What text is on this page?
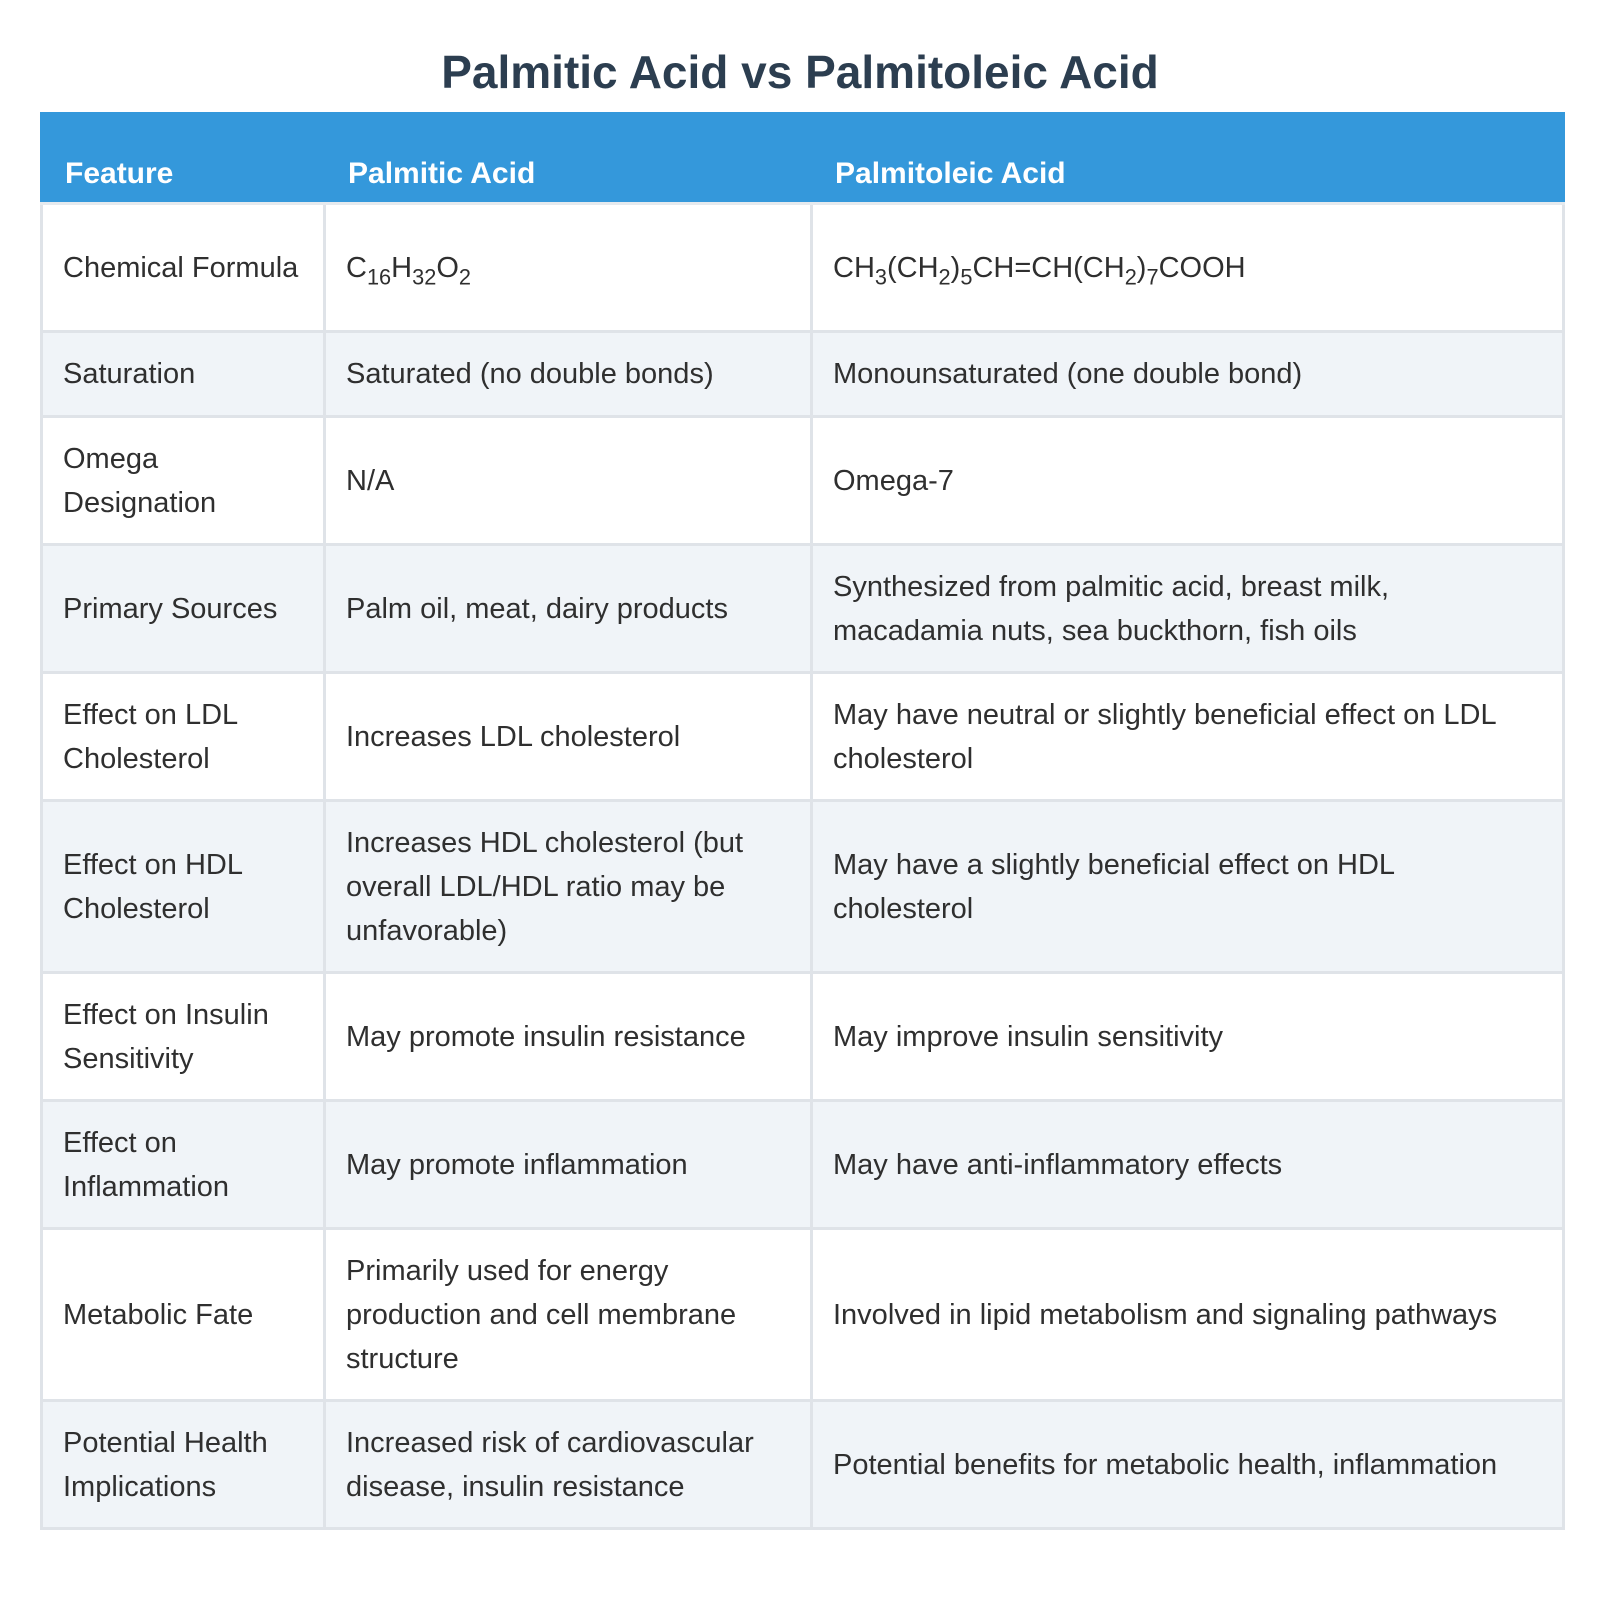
Palmitic Acid vs Palmitoleic Acid
Feature	Palmitic Acid	Palmitoleic Acid
Chemical Formula	$C_{16}H_{32}O_2$	$CH_3(CH_2)_5CH=CH(CH_2)_7COOH$
Saturation	Saturated (no double bonds)	Monounsaturated (one double bond)
Omega Designation	N/A	Omega-7
Primary Sources	Palm oil, meat, dairy products	Synthesized from palmitic acid, breast milk, macadamia nuts, sea buckthorn, fish oils
Effect on LDL Cholesterol	Increases LDL cholesterol	May have neutral or slightly beneficial effect on LDL cholesterol
Effect on HDL Cholesterol	Increases HDL cholesterol (but overall LDL/HDL ratio may be unfavorable)	May have a slightly beneficial effect on HDL cholesterol
Effect on Insulin Sensitivity	May promote insulin resistance	May improve insulin sensitivity
Effect on Inflammation	May promote inflammation	May have anti-inflammatory effects
Metabolic Fate	Primarily used for energy production and cell membrane structure	Involved in lipid metabolism and signaling pathways
Potential Health Implications	Increased risk of cardiovascular disease, insulin resistance	Potential benefits for metabolic health, inflammation
